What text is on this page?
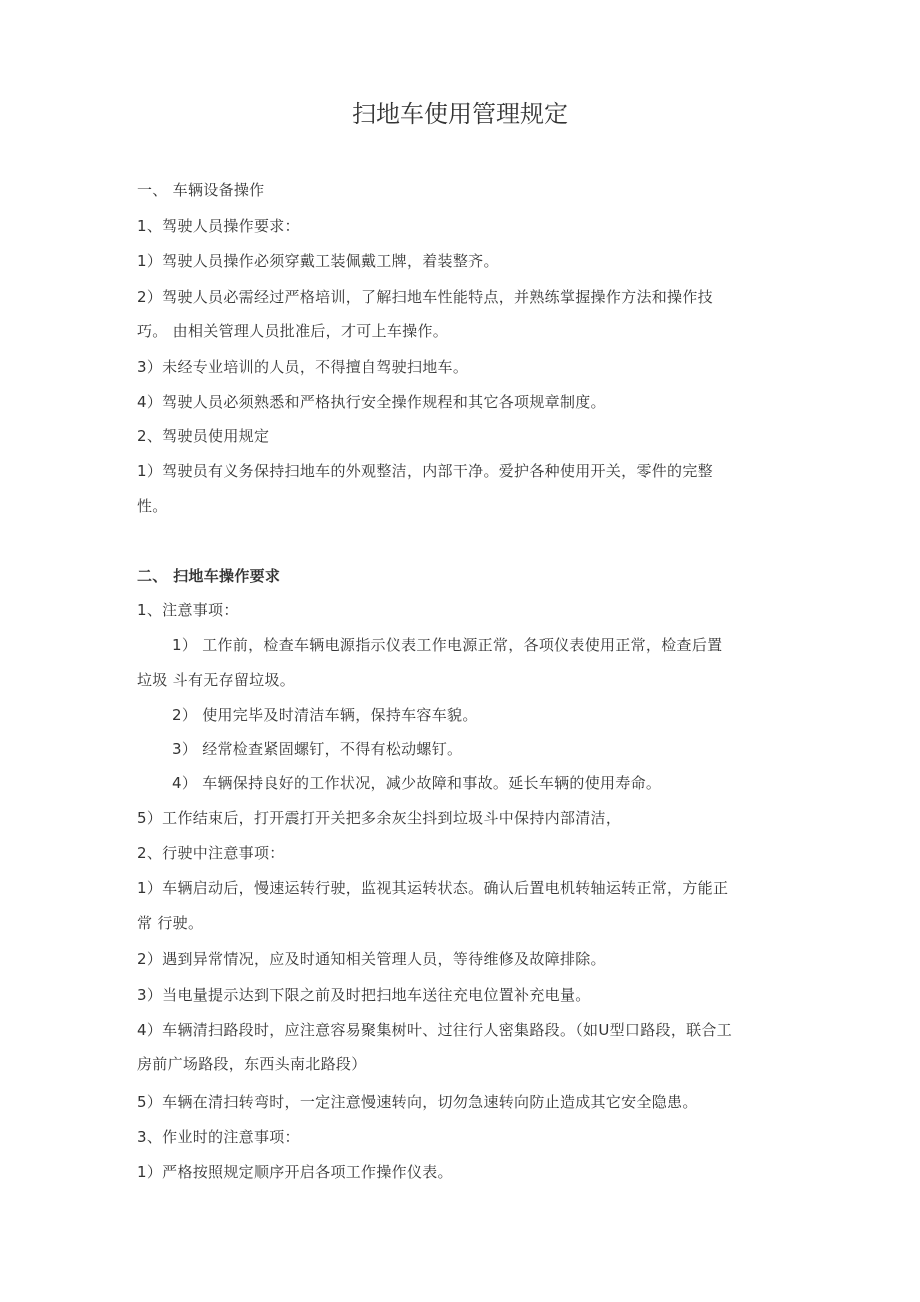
扫地车使用管理规定
一、 车辆设备操作
1、驾驶人员操作要求：
1）驾驶人员操作必须穿戴工装佩戴工牌，着装整齐。
2）驾驶人员必需经过严格培训，了解扫地车性能特点，并熟练掌握操作方法和操作技
巧。 由相关管理人员批准后，才可上车操作。
3）未经专业培训的人员，不得擅自驾驶扫地车。
4）驾驶人员必须熟悉和严格执行安全操作规程和其它各项规章制度。
2、驾驶员使用规定
1）驾驶员有义务保持扫地车的外观整洁，内部干净。爱护各种使用开关，零件的完整
性。
二、 扫地车操作要求
1、注意事项：
1） 工作前，检查车辆电源指示仪表工作电源正常，各项仪表使用正常，检查后置
垃圾 斗有无存留垃圾。
2） 使用完毕及时清洁车辆，保持车容车貌。
3） 经常检查紧固螺钉，不得有松动螺钉。
4） 车辆保持良好的工作状况，减少故障和事故。延长车辆的使用寿命。
5）工作结束后，打开震打开关把多余灰尘抖到垃圾斗中保持内部清洁，
2、行驶中注意事项：
1）车辆启动后，慢速运转行驶，监视其运转状态。确认后置电机转轴运转正常，方能正
常 行驶。
2）遇到异常情况，应及时通知相关管理人员，等待维修及故障排除。
3）当电量提示达到下限之前及时把扫地车送往充电位置补充电量。
4）车辆清扫路段时，应注意容易聚集树叶、过往行人密集路段。（如U型口路段，联合工
房前广场路段，东西头南北路段）
5）车辆在清扫转弯时，一定注意慢速转向，切勿急速转向防止造成其它安全隐患。
3、作业时的注意事项：
1）严格按照规定顺序开启各项工作操作仪表。
